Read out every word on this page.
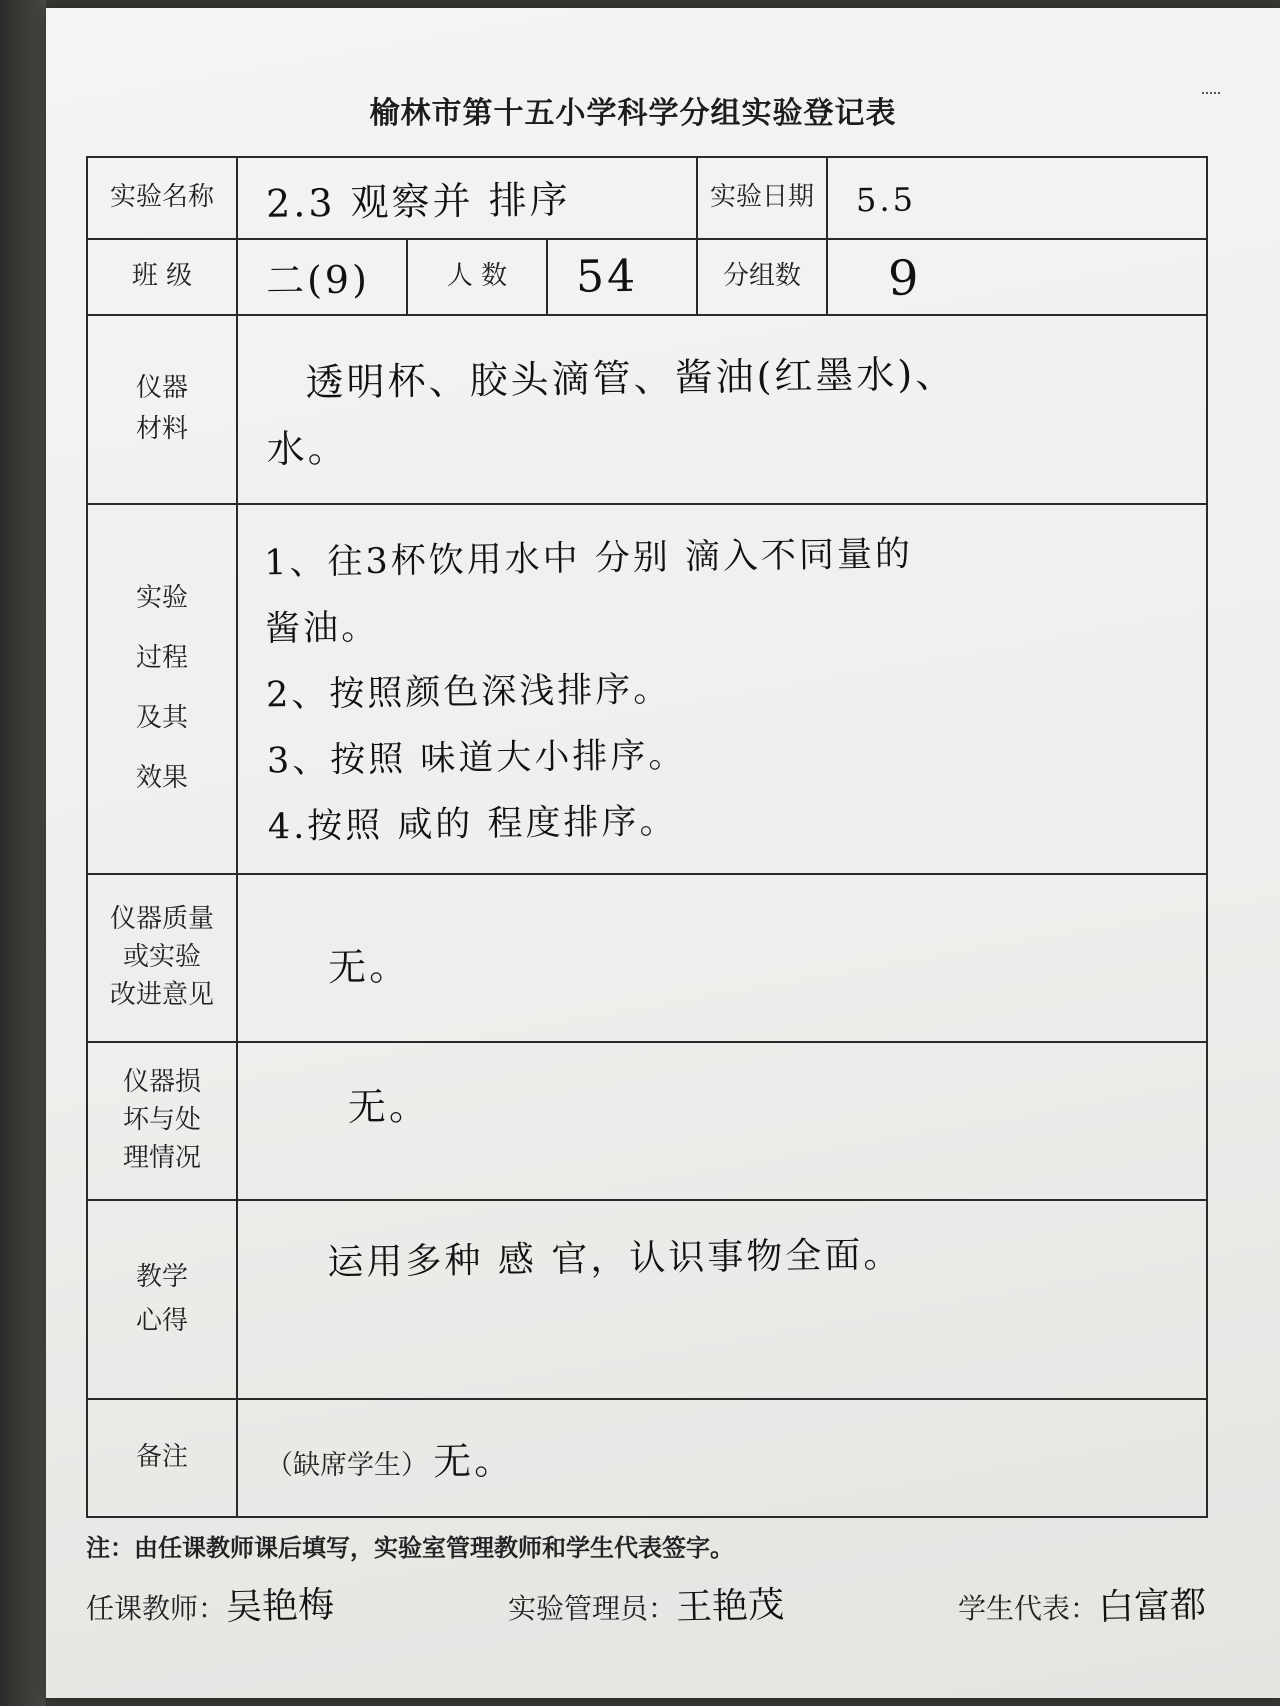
榆林市第十五小学科学分组实验登记表
实验名称	2.3 观察并 排序			实验日期	5.5
班 级	二(9)	人 数	54	分组数	9
仪器
材料	透明杯、胶头滴管、酱油(红墨水)、
水。				

实验
过程
及其
效果	1、往3杯饮用水中 分别 滴入不同量的
酱油。
2、按照颜色深浅排序。
3、按照 味道大小排序。
4.按照 咸的 程度排序。				

仪器质量
或实验
改进意见	无。				
仪器损
坏与处
理情况	无。				
教学
心得	运用多种 感 官，认识事物全面。				
备注	（缺席学生） 无。				
注：由任课教师课后填写，实验室管理教师和学生代表签字。
任课教师：吴艳梅	实验管理员：王艳茂	学生代表：白富都
